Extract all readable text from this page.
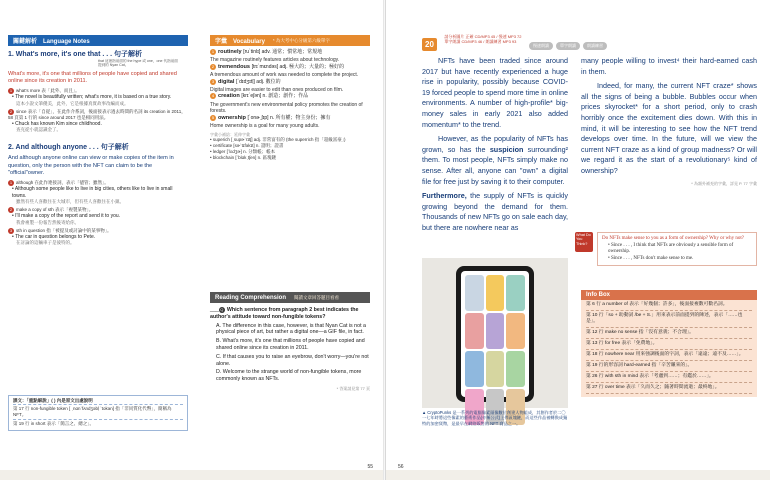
關鍵解析　Language Notes
1. What's more, it's one that . . . 句子解析
that 這裡指前面的 the hype 或 one，one 代指前面提到的 Nyan Cat。
What's more, it's one that millions of people have copied and shared online since its creation in 2011.
1 what's more 表「此外、而且」。
• The novel is beautifully written; what's more, it is based on a true story.
這本小說文筆優美，此外，它是根據真實故事改編而成。
2 since 表示「自從」，在此作介系詞，後面接表示過去時間的名詞 its creation in 2011，58 頁第 1 行的 since around 2017 也是相同用法。
• Chuck has known Kim since childhood.
查克從小就認識金了。
2. And although anyone . . . 句子解析
And although anyone online can view or make copies of the item in question, only the person with the NFT can claim to be the "official"owner.
1 although 在此作連接詞，表示「儘管；雖然」。
• Although some people like to live in big cities, others like to live in small towns.
雖然有些人喜歡住在大城市，但有些人喜歡住在小鎮。
2 make a copy of sth 表示「複製某物」。
• I'll make a copy of the report and send it to you.
我會複製一份報告然後寄給你。
3 sth in question 指「被提及或討論中的某事物」。
• The car in question belongs to Pete.
在討論的這輛車子是彼特的。
課文：「重點解說」( ) 內是原文出處說明
第 17 行 non-fungible token [ ˌnɑnˋfʌndʒəbḷ ˋtokən] 指「非同質化代幣」，簡稱為 NFT。
第 19 行 in short 表示「簡言之、總之」。
字彙　Vocabulary * 為大考中心分級第六級單字
1 routinely [ruˋtinlɪ] adv. 通常；慣常地；常規地
The magazine routinely features articles about technology.
2 tremendous [trɪˋmɛndəs] adj. 極大的；大量的；極好的
A tremendous amount of work was needed to complete the project.
3 digital [ˋdɪdʒɪtḷ] adj. 數位的
Digital images are easier to edit than ones produced on film.
4 creation [krɪˋeʃən] n. 創造；創作；作品
The government's new environmental policy promotes the creation of forests.
5 ownership [ˋonɚˌʃɪp] n. 所有權；物主身份；擁有
Home ownership is a goal for many young adults.
字彙小補給：延伸字彙
• superich [ˌsupɚˋrɪtʃ] adj. 非常富有的 (the superrich 指「超級富豪」)
• certificate [sɚˋtɪfəkɪt] n. 證明；證書
• ledger [ˋlɛdʒɚ] n. 分類帳；帳本
• blockchain [ˋblɑkˌtʃen] n. 區塊鏈
Reading Comprehension 閱讀文章回答題目看看
___Q Which sentence from paragraph 2 best indicates the author's attitude toward non-fungible tokens?
A. The difference in this case, however, is that Nyan Cat is not a physical piece of art, but rather a digital one—a GIF file, in fact.
B. What's more, it's one that millions of people have copied and shared online since its creation in 2011.
C. If that causes you to raise an eyebrow, don't worry—you're not alone.
D. Welcome to the strange world of non-fungible tokens, more commonly known as NFTs.
* 答案請見第 77 頁
55
20
請分析圖片 正確 CD/MP3 45 / 慢速 MP3 72
單字朗讀 CD/MP3 46 / 朗讀練習 MP3 93
慢速朗讀	單字朗讀	朗讀練習

NFTs have been traded since around 2017 but have recently experienced a huge rise in popularity, possibly because COVID-19 forced people to spend more time in online environments. A number of high-profile* big-money sales in early 2021 also added momentum* to the trend.

However, as the popularity of NFTs has grown, so has the suspicion surrounding² them. To most people, NFTs simply make no sense. After all, anyone can "own" a digital file for free just by saving it to their computer.

Furthermore, the supply of NFTs is quickly growing beyond the demand for them. Thousands of new NFTs go on sale each day, but there are nowhere near as

many people willing to invest⁴ their hard-earned cash in them.

Indeed, for many, the current NFT craze* shows all the signs of being a bubble. Bubbles occur when prices skyrocket* for a short period, only to crash horribly once the excitement dies down. With this in mind, it will be interesting to see how the NFT trend develops over time. In the future, will we view the current NFT craze as a kind of group madness? Or will we regard it as the start of a revolutionary⁵ kind of ownership?

* 為額外補充的字彙，詳見 P. 77 字彙
What Do You Think?
Do NFTs make sense to you as a form of ownership? Why or why not?
• Since . . . , I think that NFTs are obviously a sensible form of ownership.
• Since . . . , NFTs don't make sense to me.
▲ CryptoPunks 是一系列的電腦像素頭像數位創建人物組成，其創作者於二〇一七年時將這些像素的藝術作品(亦稱公式)上傳區塊鏈，而這些作品被轉換成獨特的加密貨幣，是最早在網絡販售的 NFT 商品之一。
Info Box
第 6 行 a number of 表示「好幾個；許多」，後面接複數可數名詞。
第 10 行「so + 助動詞 /be + S.」用來表示前面提到的陳述，表示「……也是」。
第 12 行 make no sense 指「沒有意義；不合理」。
第 13 行 for free 表示「免費地」。
第 18 行 nowhere near 用來強調後面的字詞，表示「遠遠；遠不及……」。
第 19 行的形容詞 hard-earned 指「辛苦賺來的」。
第 26 行 with sth in mind 表示「考慮到……；有鑑於……」。
第 27 行 over time 表示「久而久之；隨著時間流逝；最終地」。
56
